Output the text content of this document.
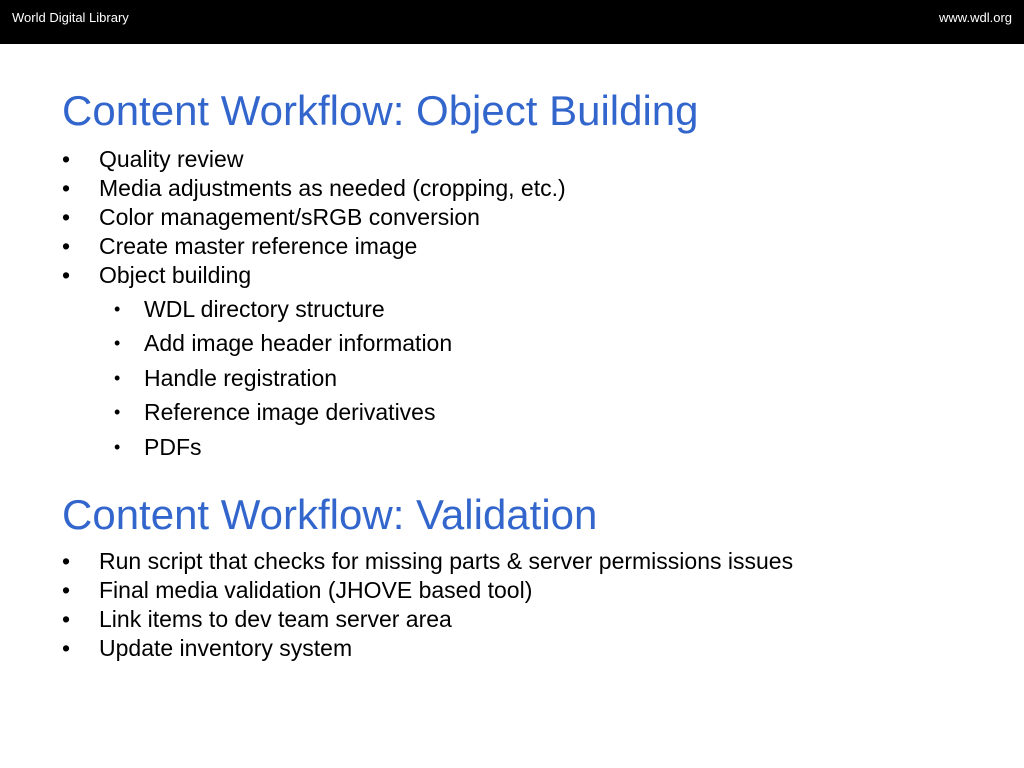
World Digital Library	www.wdl.org
Content Workflow: Object Building
• Quality review
• Media adjustments as needed (cropping, etc.)
• Color management/sRGB conversion
• Create master reference image
• Object building
• WDL directory structure
• Add image header information
• Handle registration
• Reference image derivatives
• PDFs
Content Workflow: Validation
• Run script that checks for missing parts & server permissions issues
• Final media validation (JHOVE based tool)
• Link items to dev team server area
• Update inventory system
